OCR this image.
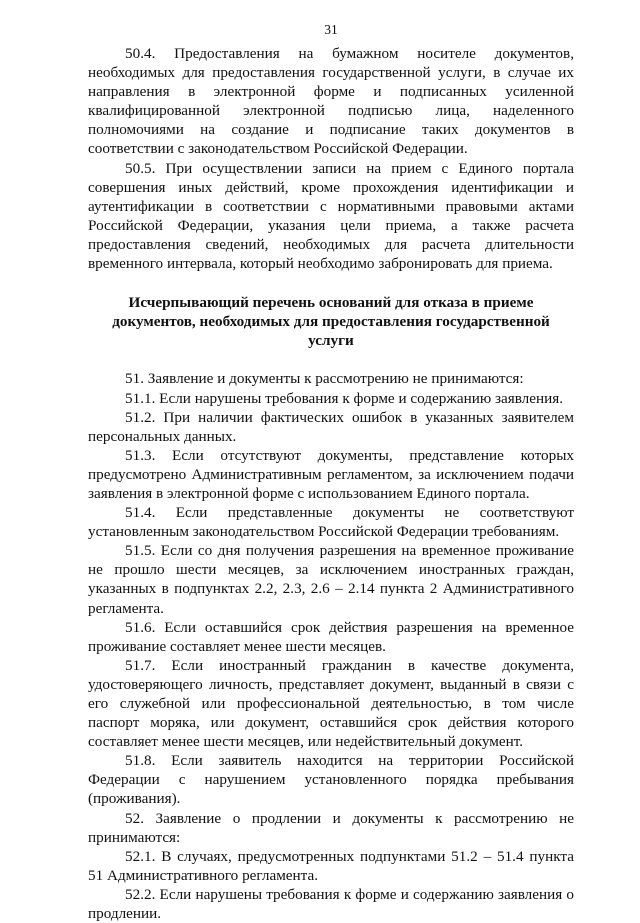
31

50.4. Предоставления на бумажном носителе документов, необходимых для предоставления государственной услуги, в случае их направления в электронной форме и подписанных усиленной квалифицированной электронной подписью лица, наделенного полномочиями на создание и подписание таких документов в соответствии с законодательством Российской Федерации.

50.5. При осуществлении записи на прием с Единого портала совершения иных действий, кроме прохождения идентификации и аутентификации в соответствии с нормативными правовыми актами Российской Федерации, указания цели приема, а также расчета предоставления сведений, необходимых для расчета длительности временного интервала, который необходимо забронировать для приема.

Исчерпывающий перечень оснований для отказа в приеме документов, необходимых для предоставления государственной услуги

51. Заявление и документы к рассмотрению не принимаются:

51.1. Если нарушены требования к форме и содержанию заявления.

51.2. При наличии фактических ошибок в указанных заявителем персональных данных.

51.3. Если отсутствуют документы, представление которых предусмотрено Административным регламентом, за исключением подачи заявления в электронной форме с использованием Единого портала.

51.4. Если представленные документы не соответствуют установленным законодательством Российской Федерации требованиям.

51.5. Если со дня получения разрешения на временное проживание не прошло шести месяцев, за исключением иностранных граждан, указанных в подпунктах 2.2, 2.3, 2.6 – 2.14 пункта 2 Административного регламента.

51.6. Если оставшийся срок действия разрешения на временное проживание составляет менее шести месяцев.

51.7. Если иностранный гражданин в качестве документа, удостоверяющего личность, представляет документ, выданный в связи с его служебной или профессиональной деятельностью, в том числе паспорт моряка, или документ, оставшийся срок действия которого составляет менее шести месяцев, или недействительный документ.

51.8. Если заявитель находится на территории Российской Федерации с нарушением установленного порядка пребывания (проживания).

52. Заявление о продлении и документы к рассмотрению не принимаются:

52.1. В случаях, предусмотренных подпунктами 51.2 – 51.4 пункта 51 Административного регламента.

52.2. Если нарушены требования к форме и содержанию заявления о продлении.
